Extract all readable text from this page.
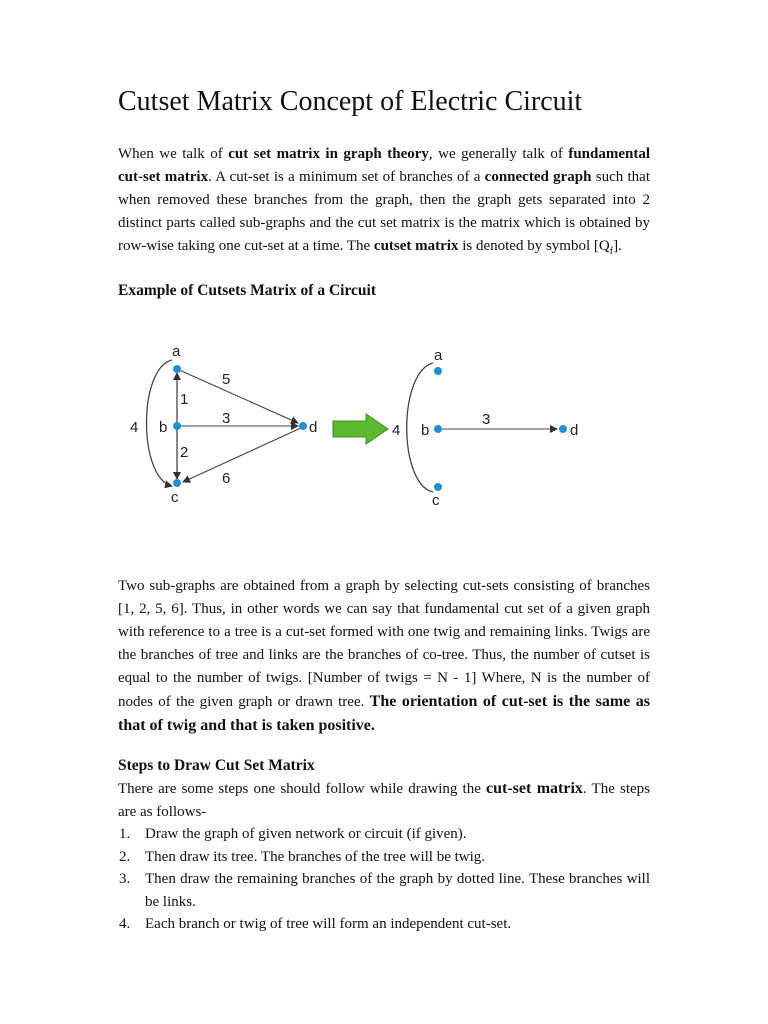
Cutset Matrix Concept of Electric Circuit

When we talk of cut set matrix in graph theory, we generally talk of fundamental cut-set matrix. A cut-set is a minimum set of branches of a connected graph such that when removed these branches from the graph, then the graph gets separated into 2 distinct parts called sub-graphs and the cut set matrix is the matrix which is obtained by row-wise taking one cut-set at a time. The cutset matrix is denoted by symbol $[Q_f]$.

Example of Cutsets Matrix of a Circuit
a
b
c
d
1
2
3
4
5
6
a
b
c
d
3
4

Two sub-graphs are obtained from a graph by selecting cut-sets consisting of branches [1, 2, 5, 6]. Thus, in other words we can say that fundamental cut set of a given graph with reference to a tree is a cut-set formed with one twig and remaining links. Twigs are the branches of tree and links are the branches of co-tree. Thus, the number of cutset is equal to the number of twigs. [Number of twigs = N - 1] Where, N is the number of nodes of the given graph or drawn tree. The orientation of cut-set is the same as that of twig and that is taken positive.

Steps to Draw Cut Set Matrix

There are some steps one should follow while drawing the cut-set matrix. The steps are as follows-

1. Draw the graph of given network or circuit (if given).
2. Then draw its tree. The branches of the tree will be twig.
3. Then draw the remaining branches of the graph by dotted line. These branches will be links.
4. Each branch or twig of tree will form an independent cut-set.
